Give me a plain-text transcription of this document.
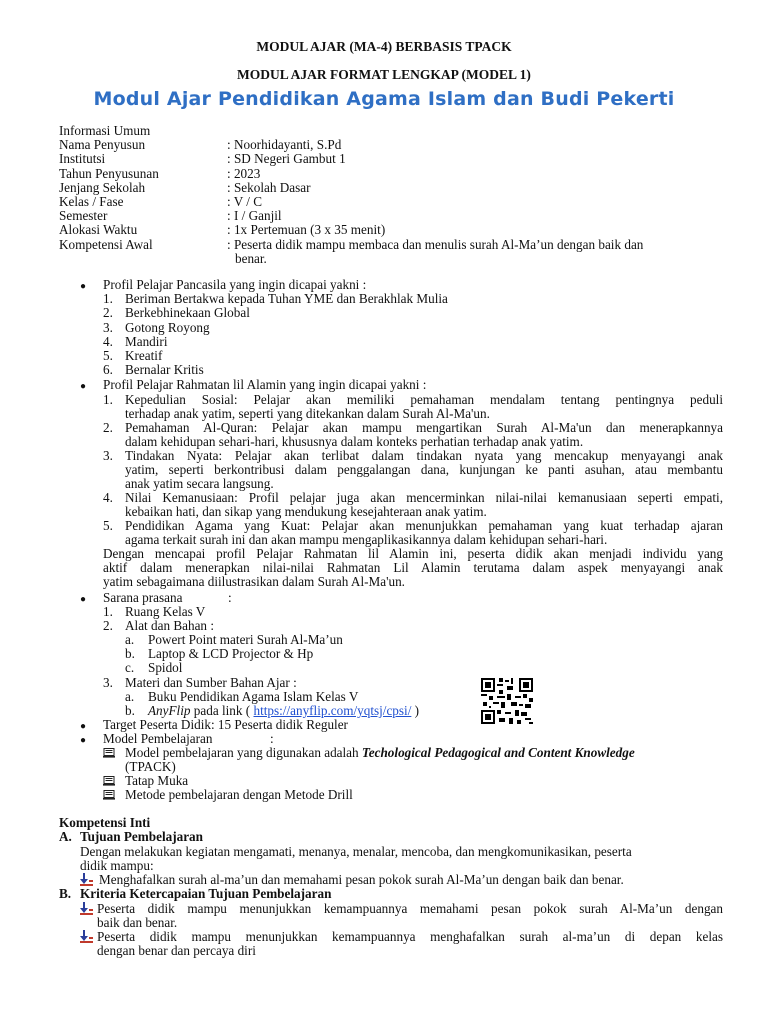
MODUL AJAR (MA-4) BERBASIS TPACK
MODUL AJAR FORMAT LENGKAP (MODEL 1)
Modul Ajar Pendidikan Agama Islam dan Budi Pekerti
Informasi Umum
Nama Penyusun	: Noorhidayanti, S.Pd
Institutsi	: SD Negeri Gambut 1
Tahun Penyusunan	: 2023
Jenjang Sekolah	: Sekolah Dasar
Kelas / Fase	: V / C
Semester	: I / Ganjil
Alokasi Waktu	: 1x Pertemuan (3 x 35 menit)
Kompetensi Awal	: Peserta didik mampu membaca dan menulis surah Al-Ma’un dengan baik dan
benar.
● Profil Pelajar Pancasila yang ingin dicapai yakni :
1. Beriman Bertakwa kepada Tuhan YME dan Berakhlak Mulia
2. Berkebhinekaan Global
3. Gotong Royong
4. Mandiri
5. Kreatif
6. Bernalar Kritis
● Profil Pelajar Rahmatan lil Alamin yang ingin dicapai yakni :
1. Kepedulian Sosial: Pelajar akan memiliki pemahaman mendalam tentang pentingnya peduli
terhadap anak yatim, seperti yang ditekankan dalam Surah Al-Ma'un.
2. Pemahaman Al-Quran: Pelajar akan mampu mengartikan Surah Al-Ma'un dan menerapkannya
dalam kehidupan sehari-hari, khususnya dalam konteks perhatian terhadap anak yatim.
3. Tindakan Nyata: Pelajar akan terlibat dalam tindakan nyata yang mencakup menyayangi anak
yatim, seperti berkontribusi dalam penggalangan dana, kunjungan ke panti asuhan, atau membantu
anak yatim secara langsung.
4. Nilai Kemanusiaan: Profil pelajar juga akan mencerminkan nilai-nilai kemanusiaan seperti empati,
kebaikan hati, dan sikap yang mendukung kesejahteraan anak yatim.
5. Pendidikan Agama yang Kuat: Pelajar akan menunjukkan pemahaman yang kuat terhadap ajaran
agama terkait surah ini dan akan mampu mengaplikasikannya dalam kehidupan sehari-hari.
Dengan mencapai profil Pelajar Rahmatan lil Alamin ini, peserta didik akan menjadi individu yang
aktif dalam menerapkan nilai-nilai Rahmatan Lil Alamin terutama dalam aspek menyayangi anak
yatim sebagaimana diilustrasikan dalam Surah Al-Ma'un.
● Sarana prasana	:
1. Ruang Kelas V
2. Alat dan Bahan :
a. Powert Point materi Surah Al-Ma’un
b. Laptop & LCD Projector & Hp
c. Spidol
3. Materi dan Sumber Bahan Ajar :
a. Buku Pendidikan Agama Islam Kelas V
b. AnyFlip pada link ( https://anyflip.com/yqtsj/cpsi/ )
● Target Peserta Didik: 15 Peserta didik Reguler
● Model Pembelajaran	:
Model pembelajaran yang digunakan adalah Techological Pedagogical and Content Knowledge
(TPACK)
Tatap Muka
Metode pembelajaran dengan Metode Drill
Kompetensi Inti
A. Tujuan Pembelajaran
Dengan melakukan kegiatan mengamati, menanya, menalar, mencoba, dan mengkomunikasikan, peserta
didik mampu:
Menghafalkan surah al-ma’un dan memahami pesan pokok surah Al-Ma’un dengan baik dan benar.
B. Kriteria Ketercapaian Tujuan Pembelajaran
Peserta didik mampu menunjukkan kemampuannya memahami pesan pokok surah Al-Ma’un dengan
baik dan benar.
Peserta didik mampu menunjukkan kemampuannya menghafalkan surah al-ma’un di depan kelas
dengan benar dan percaya diri
